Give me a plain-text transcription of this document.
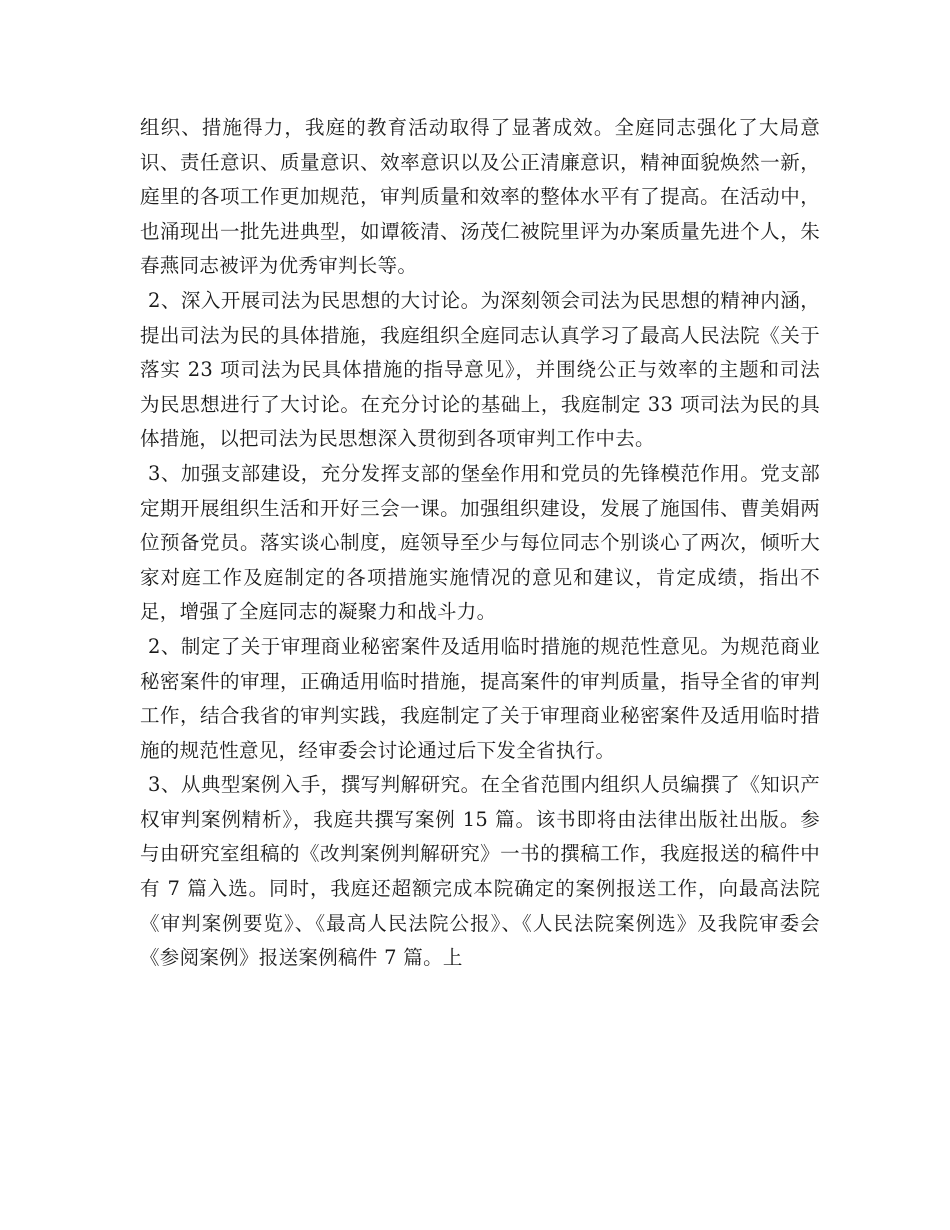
组织、措施得力，我庭的教育活动取得了显著成效。全庭同志强化了大局意识、责任意识、质量意识、效率意识以及公正清廉意识，精神面貌焕然一新，庭里的各项工作更加规范，审判质量和效率的整体水平有了提高。在活动中，也涌现出一批先进典型，如谭筱清、汤茂仁被院里评为办案质量先进个人，朱春燕同志被评为优秀审判长等。

2、深入开展司法为民思想的大讨论。为深刻领会司法为民思想的精神内涵，提出司法为民的具体措施，我庭组织全庭同志认真学习了最高人民法院《关于落实 23 项司法为民具体措施的指导意见》，并围绕公正与效率的主题和司法为民思想进行了大讨论。在充分讨论的基础上，我庭制定 33 项司法为民的具体措施，以把司法为民思想深入贯彻到各项审判工作中去。

3、加强支部建设，充分发挥支部的堡垒作用和党员的先锋模范作用。党支部定期开展组织生活和开好三会一课。加强组织建设，发展了施国伟、曹美娟两位预备党员。落实谈心制度，庭领导至少与每位同志个别谈心了两次，倾听大家对庭工作及庭制定的各项措施实施情况的意见和建议，肯定成绩，指出不足，增强了全庭同志的凝聚力和战斗力。

2、制定了关于审理商业秘密案件及适用临时措施的规范性意见。为规范商业秘密案件的审理，正确适用临时措施，提高案件的审判质量，指导全省的审判工作，结合我省的审判实践，我庭制定了关于审理商业秘密案件及适用临时措施的规范性意见，经审委会讨论通过后下发全省执行。

3、从典型案例入手，撰写判解研究。在全省范围内组织人员编撰了《知识产权审判案例精析》，我庭共撰写案例 15 篇。该书即将由法律出版社出版。参与由研究室组稿的《改判案例判解研究》一书的撰稿工作，我庭报送的稿件中有 7 篇入选。同时，我庭还超额完成本院确定的案例报送工作，向最高法院《审判案例要览》、《最高人民法院公报》、《人民法院案例选》及我院审委会《参阅案例》报送案例稿件 7 篇。上
